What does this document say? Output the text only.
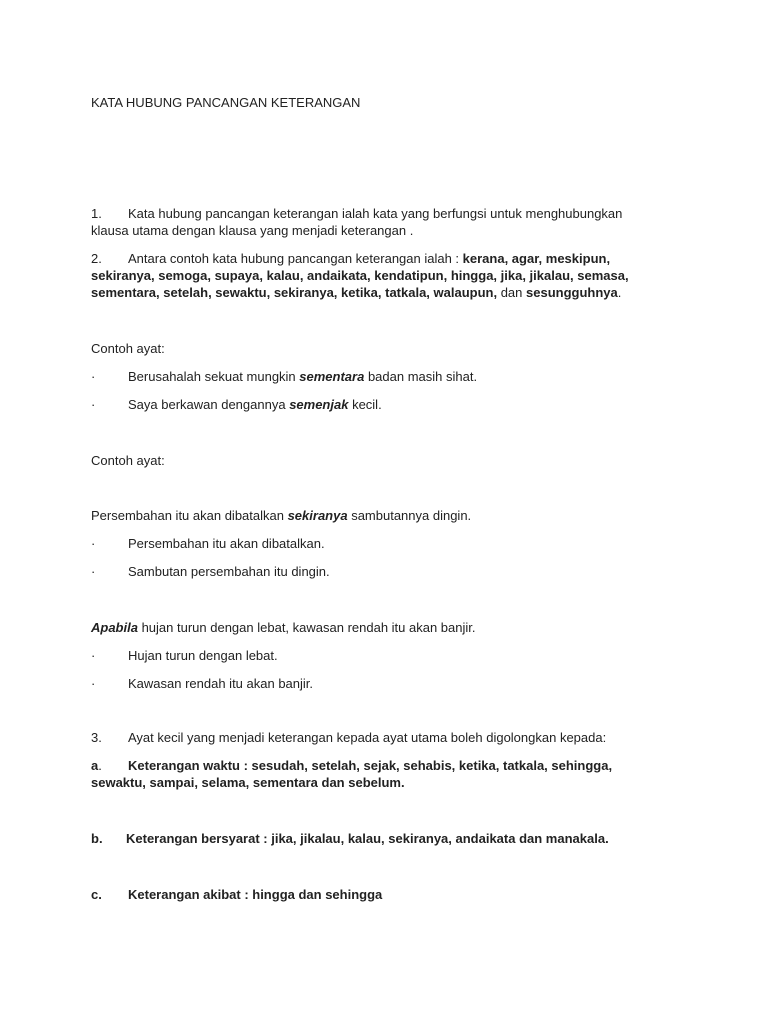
KATA HUBUNG PANCANGAN KETERANGAN
1. Kata hubung pancangan keterangan ialah kata yang berfungsi untuk menghubungkan
klausa utama dengan klausa yang menjadi keterangan .
2. Antara contoh kata hubung pancangan keterangan ialah : kerana, agar, meskipun,
sekiranya, semoga, supaya, kalau, andaikata, kendatipun, hingga, jika, jikalau, semasa,
sementara, setelah, sewaktu, sekiranya, ketika, tatkala, walaupun, dan sesungguhnya.
Contoh ayat:
·	Berusahalah sekuat mungkin sementara badan masih sihat.
·	Saya berkawan dengannya semenjak kecil.
Contoh ayat:
Persembahan itu akan dibatalkan sekiranya sambutannya dingin.
·	Persembahan itu akan dibatalkan.
·	Sambutan persembahan itu dingin.
Apabila hujan turun dengan lebat, kawasan rendah itu akan banjir.
·	Hujan turun dengan lebat.
·	Kawasan rendah itu akan banjir.
3. Ayat kecil yang menjadi keterangan kepada ayat utama boleh digolongkan kepada:
a. Keterangan waktu : sesudah, setelah, sejak, sehabis, ketika, tatkala, sehingga,
sewaktu, sampai, selama, sementara dan sebelum.
b. Keterangan bersyarat : jika, jikalau, kalau, sekiranya, andaikata dan manakala.
c. Keterangan akibat : hingga dan sehingga
